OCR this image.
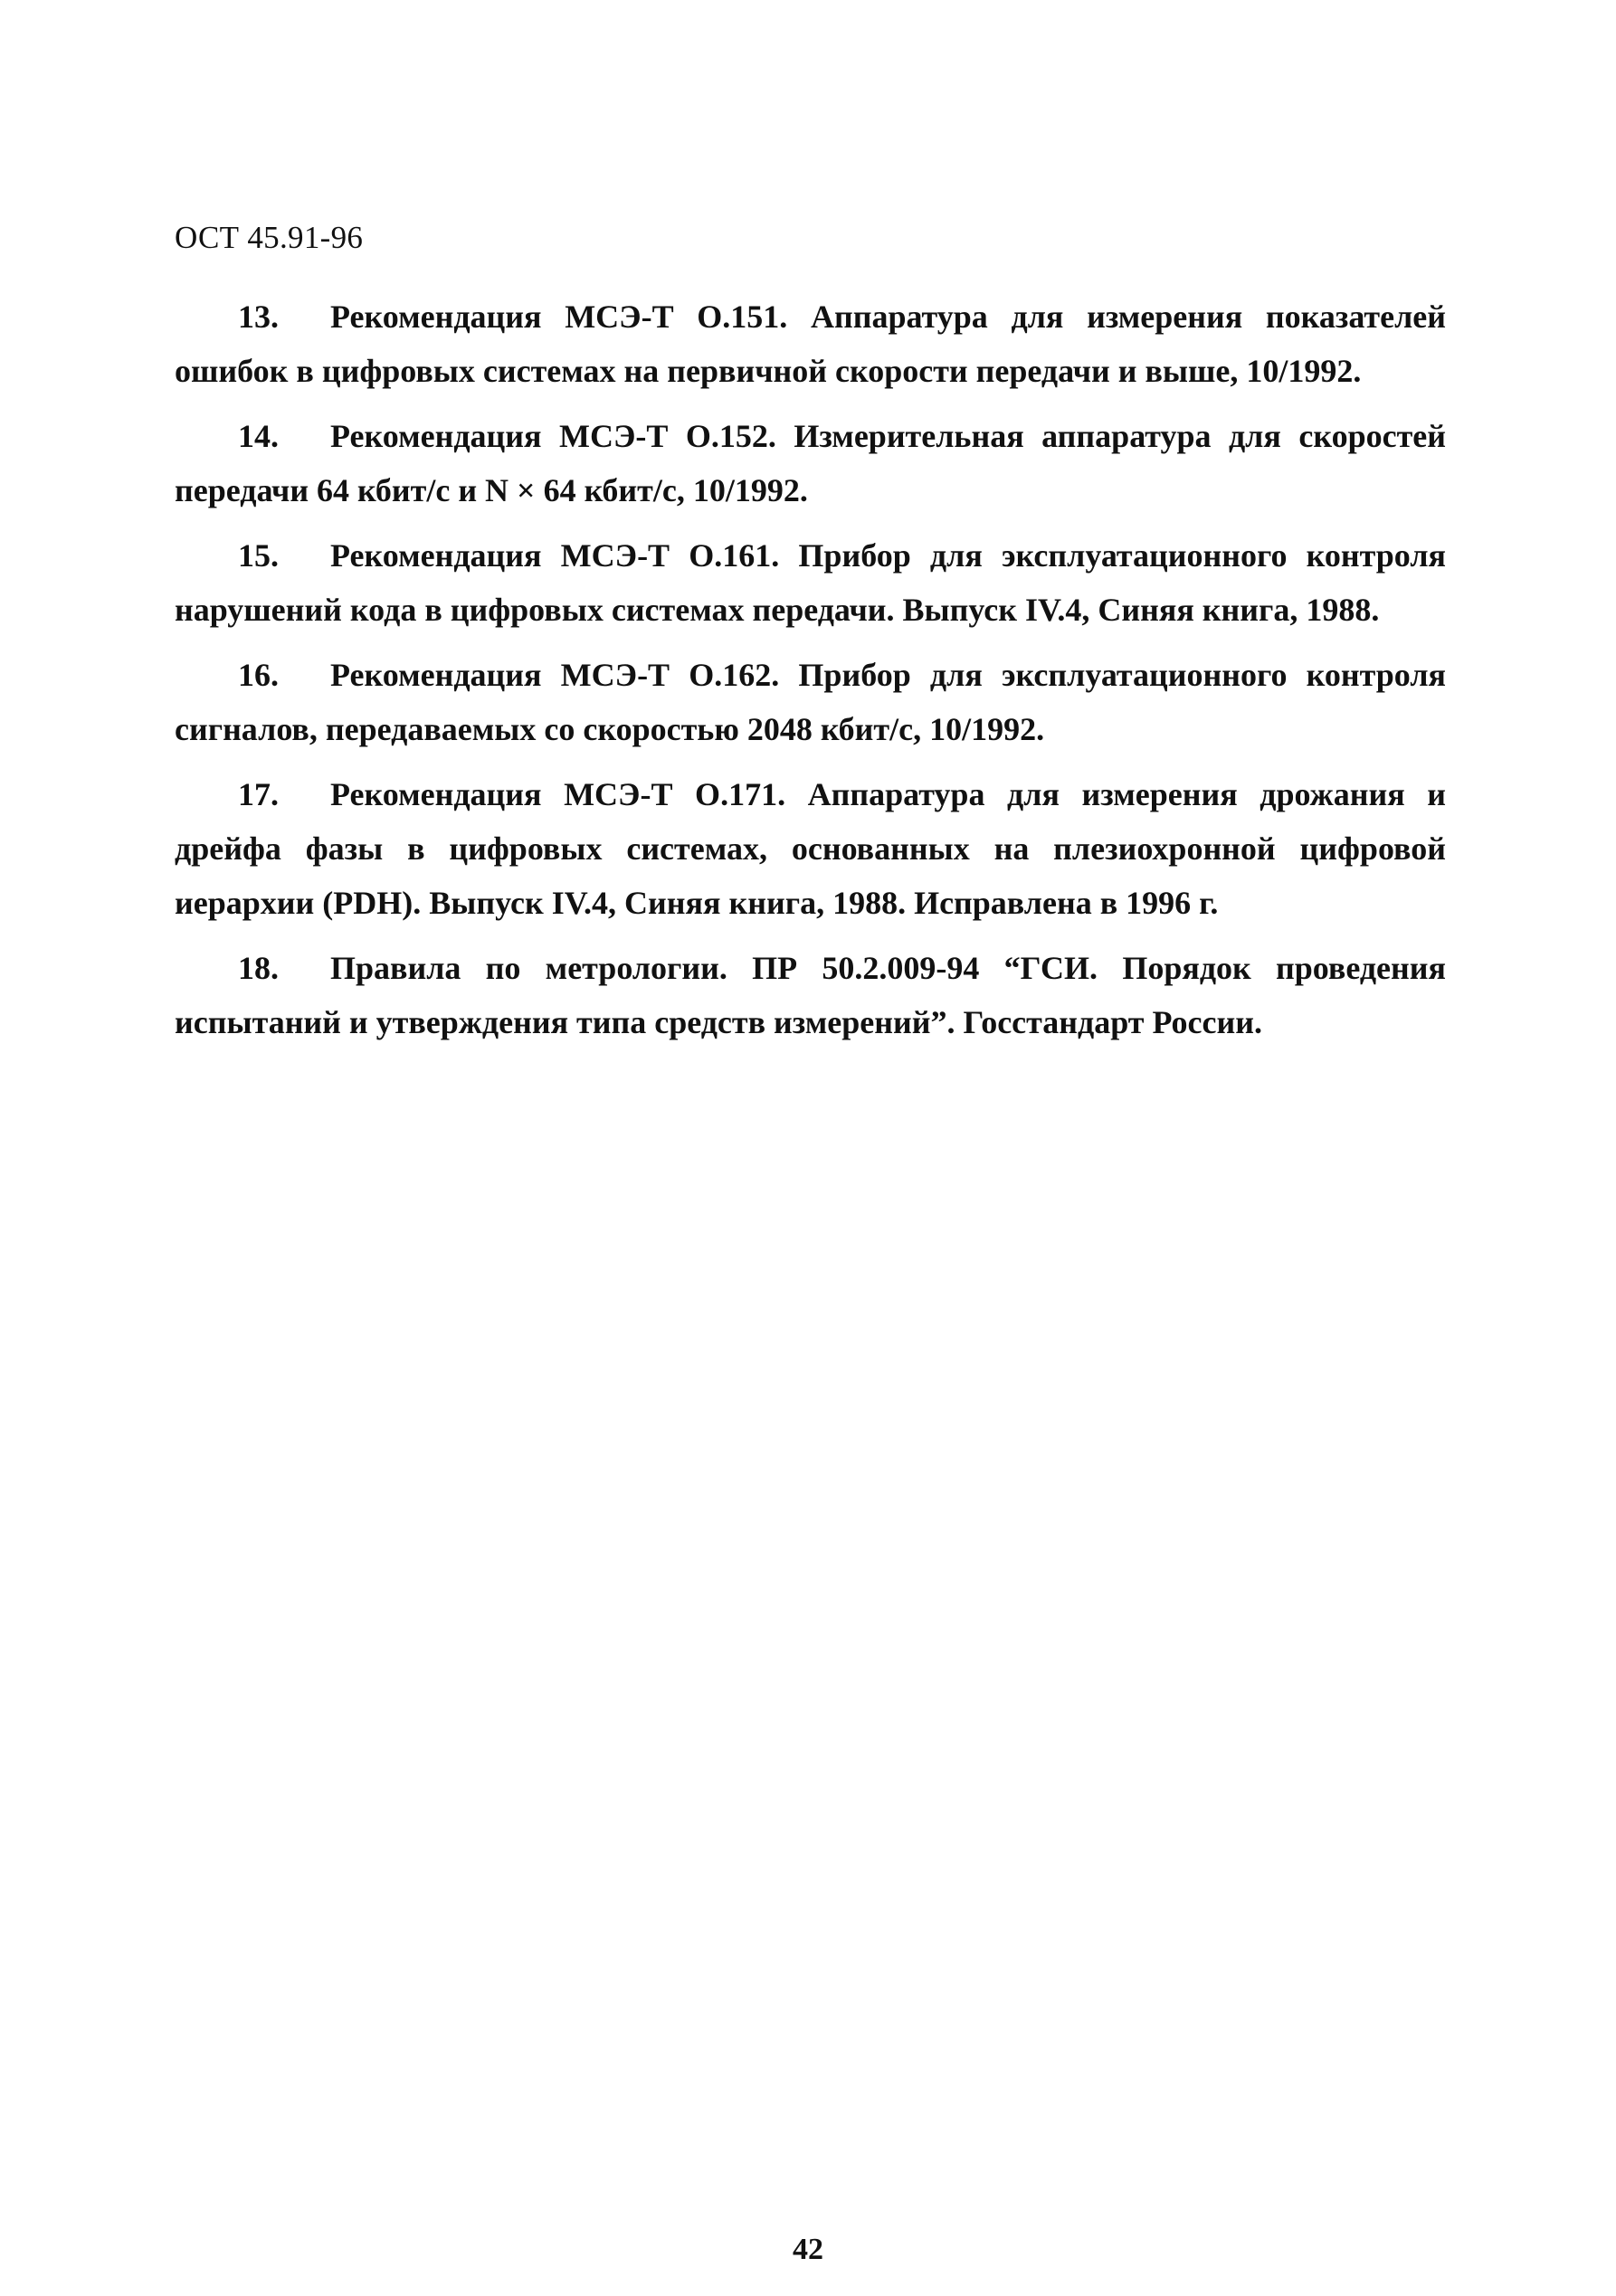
ОСТ 45.91-96
13. Рекомендация МСЭ-Т О.151. Аппаратура для измерения показателей ошибок в цифровых системах на первичной скорости передачи и выше, 10/1992.
14. Рекомендация МСЭ-Т О.152. Измерительная аппаратура для скоростей передачи 64 кбит/с и N × 64 кбит/с, 10/1992.
15. Рекомендация МСЭ-Т О.161. Прибор для эксплуатационного контроля нарушений кода в цифровых системах передачи. Выпуск IV.4, Синяя книга, 1988.
16. Рекомендация МСЭ-Т О.162. Прибор для эксплуатационного контроля сигналов, передаваемых со скоростью 2048 кбит/с, 10/1992.
17. Рекомендация МСЭ-Т О.171. Аппаратура для измерения дрожания и дрейфа фазы в цифровых системах, основанных на плезиохронной цифровой иерархии (PDH). Выпуск IV.4, Синяя книга, 1988. Исправлена в 1996 г.
18. Правила по метрологии. ПР 50.2.009-94 “ГСИ. Порядок проведения испытаний и утверждения типа средств измерений”. Госстандарт России.
42
